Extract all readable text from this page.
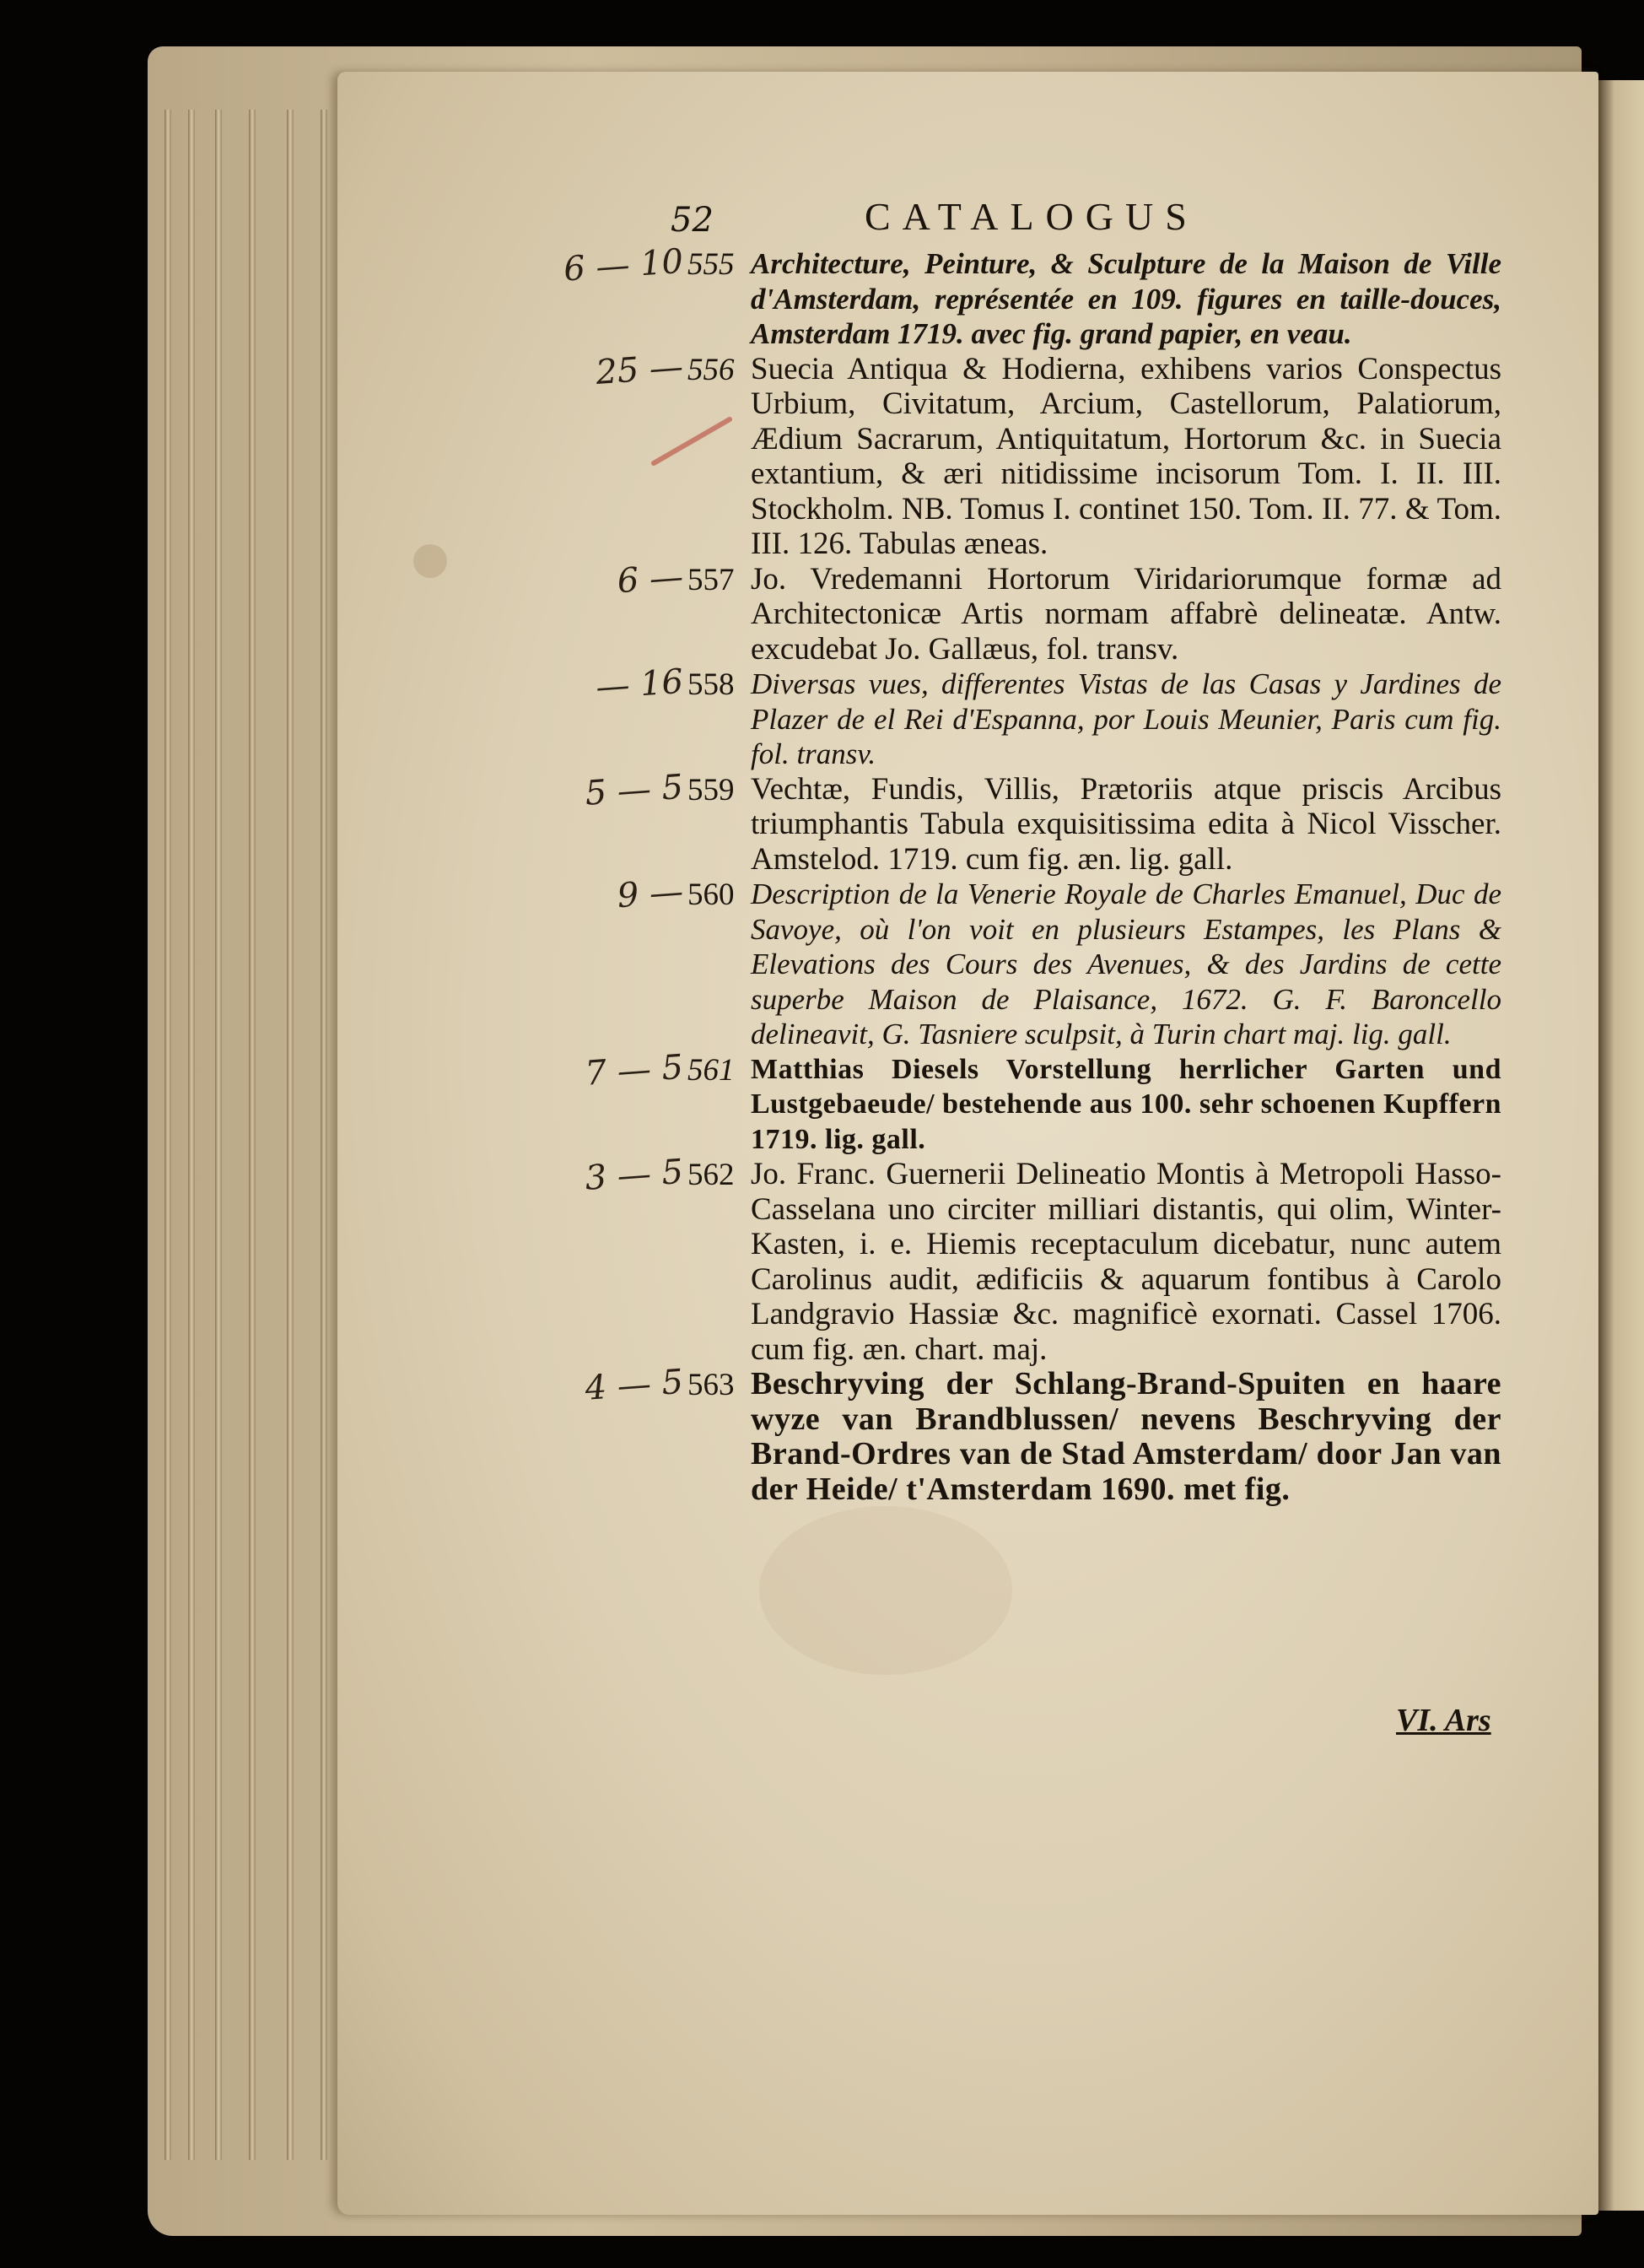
52	CATALOGUS
6 — 10 555 Architecture, Peinture, & Sculpture de la Maison de Ville d'Amsterdam, représentée en 109. figures en taille-douces, Amsterdam 1719. avec fig. grand papier, en veau.
25 — 556 Suecia Antiqua & Hodierna, exhibens varios Conspectus Urbium, Civitatum, Arcium, Castellorum, Palatiorum, Ædium Sacrarum, Antiquitatum, Hortorum &c. in Suecia extantium, & æri nitidissime incisorum Tom. I. II. III. Stockholm. NB. Tomus I. continet 150. Tom. II. 77. & Tom. III. 126. Tabulas æneas.
6 — 557 Jo. Vredemanni Hortorum Viridariorumque formæ ad Architectonicæ Artis normam affabrè delineatæ. Antw. excudebat Jo. Gallæus, fol. transv.
— 16 558 Diversas vues, differentes Vistas de las Casas y Jardines de Plazer de el Rei d'Espanna, por Louis Meunier, Paris cum fig. fol. transv.
5 — 5 559 Vechtæ, Fundis, Villis, Prætoriis atque priscis Arcibus triumphantis Tabula exquisitissima edita à Nicol Visscher. Amstelod. 1719. cum fig. æn. lig. gall.
9 — 560 Description de la Venerie Royale de Charles Emanuel, Duc de Savoye, où l'on voit en plusieurs Estampes, les Plans & Elevations des Cours des Avenues, & des Jardins de cette superbe Maison de Plaisance, 1672. G. F. Baroncello delineavit, G. Tasniere sculpsit, à Turin chart maj. lig. gall.
7 — 5 561 Matthias Diesels Vorstellung herrlicher Garten und Lustgebaeude/ bestehende aus 100. sehr schoenen Kupffern 1719. lig. gall.
3 — 5 562 Jo. Franc. Guernerii Delineatio Montis à Metropoli Hasso-Casselana uno circiter milliari distantis, qui olim, Winter-Kasten, i. e. Hiemis receptaculum dicebatur, nunc autem Carolinus audit, ædificiis & aquarum fontibus à Carolo Landgravio Hassiæ &c. magnificè exornati. Cassel 1706. cum fig. æn. chart. maj.
4 — 5 563 Beschryving der Schlang-Brand-Spuiten en haare wyze van Brandblussen/ nevens Beschryving der Brand-Ordres van de Stad Amsterdam/ door Jan van der Heide/ t'Amsterdam 1690. met fig.
VI. Ars
